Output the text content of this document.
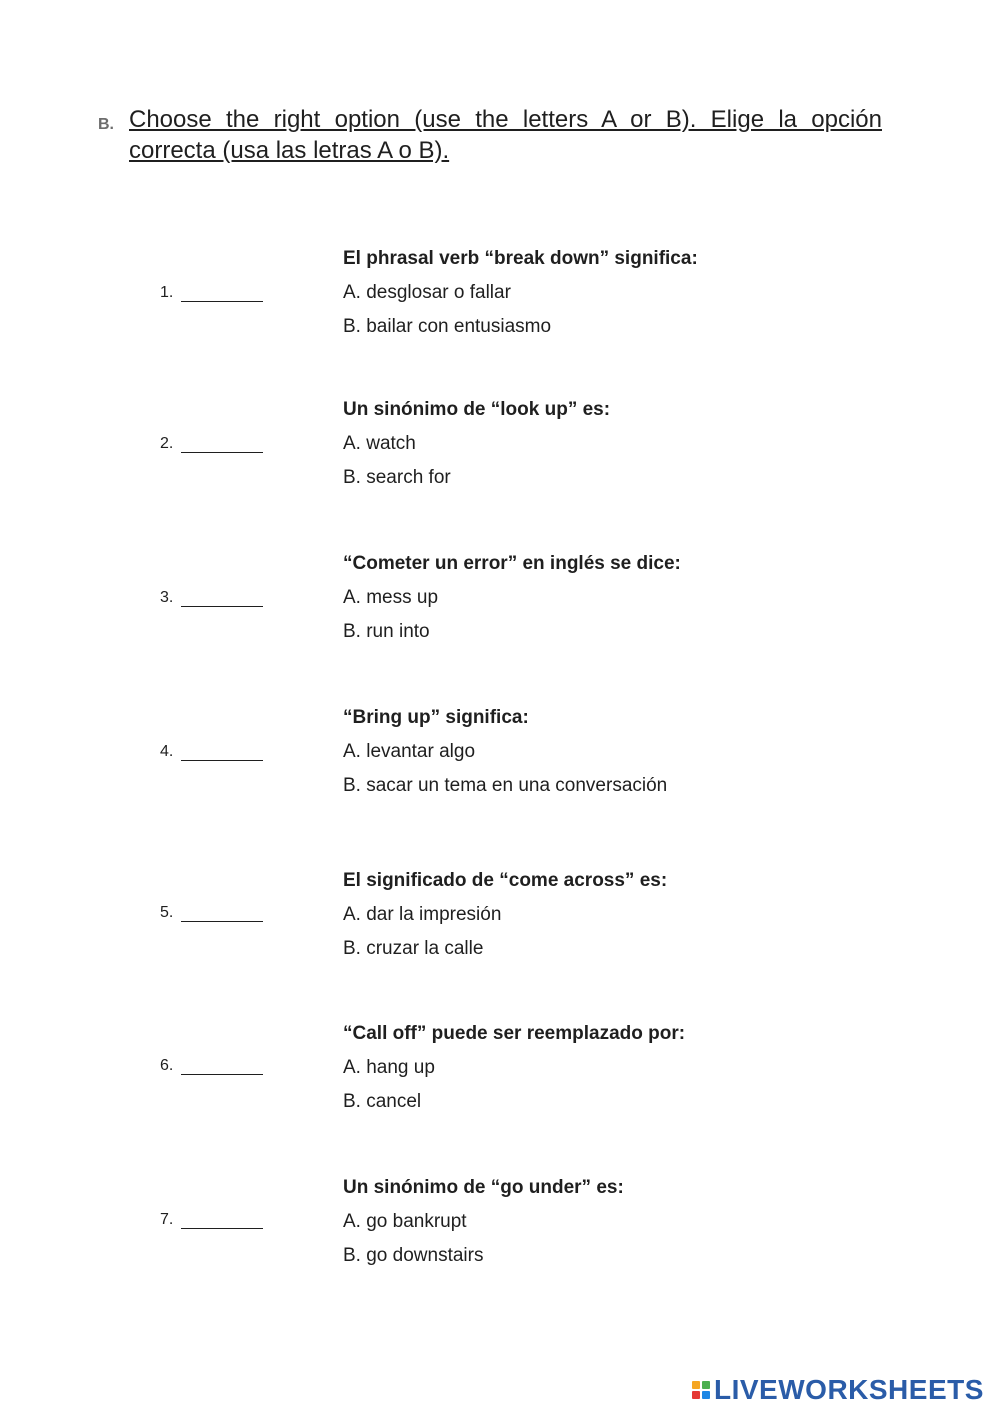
B. Choose the right option (use the letters A or B). Elige la opción correcta (usa las letras A o B).
El phrasal verb “break down” significa:
1.	A. desglosar o fallar
B. bailar con entusiasmo
Un sinónimo de “look up” es:
2.	A. watch
B. search for
“Cometer un error” en inglés se dice:
3.	A. mess up
B. run into
“Bring up” significa:
4.	A. levantar algo
B. sacar un tema en una conversación
El significado de “come across” es:
5.	A. dar la impresión
B. cruzar la calle
“Call off” puede ser reemplazado por:
6.	A. hang up
B. cancel
Un sinónimo de “go under” es:
7.	A. go bankrupt
B. go downstairs
LIVEWORKSHEETS
